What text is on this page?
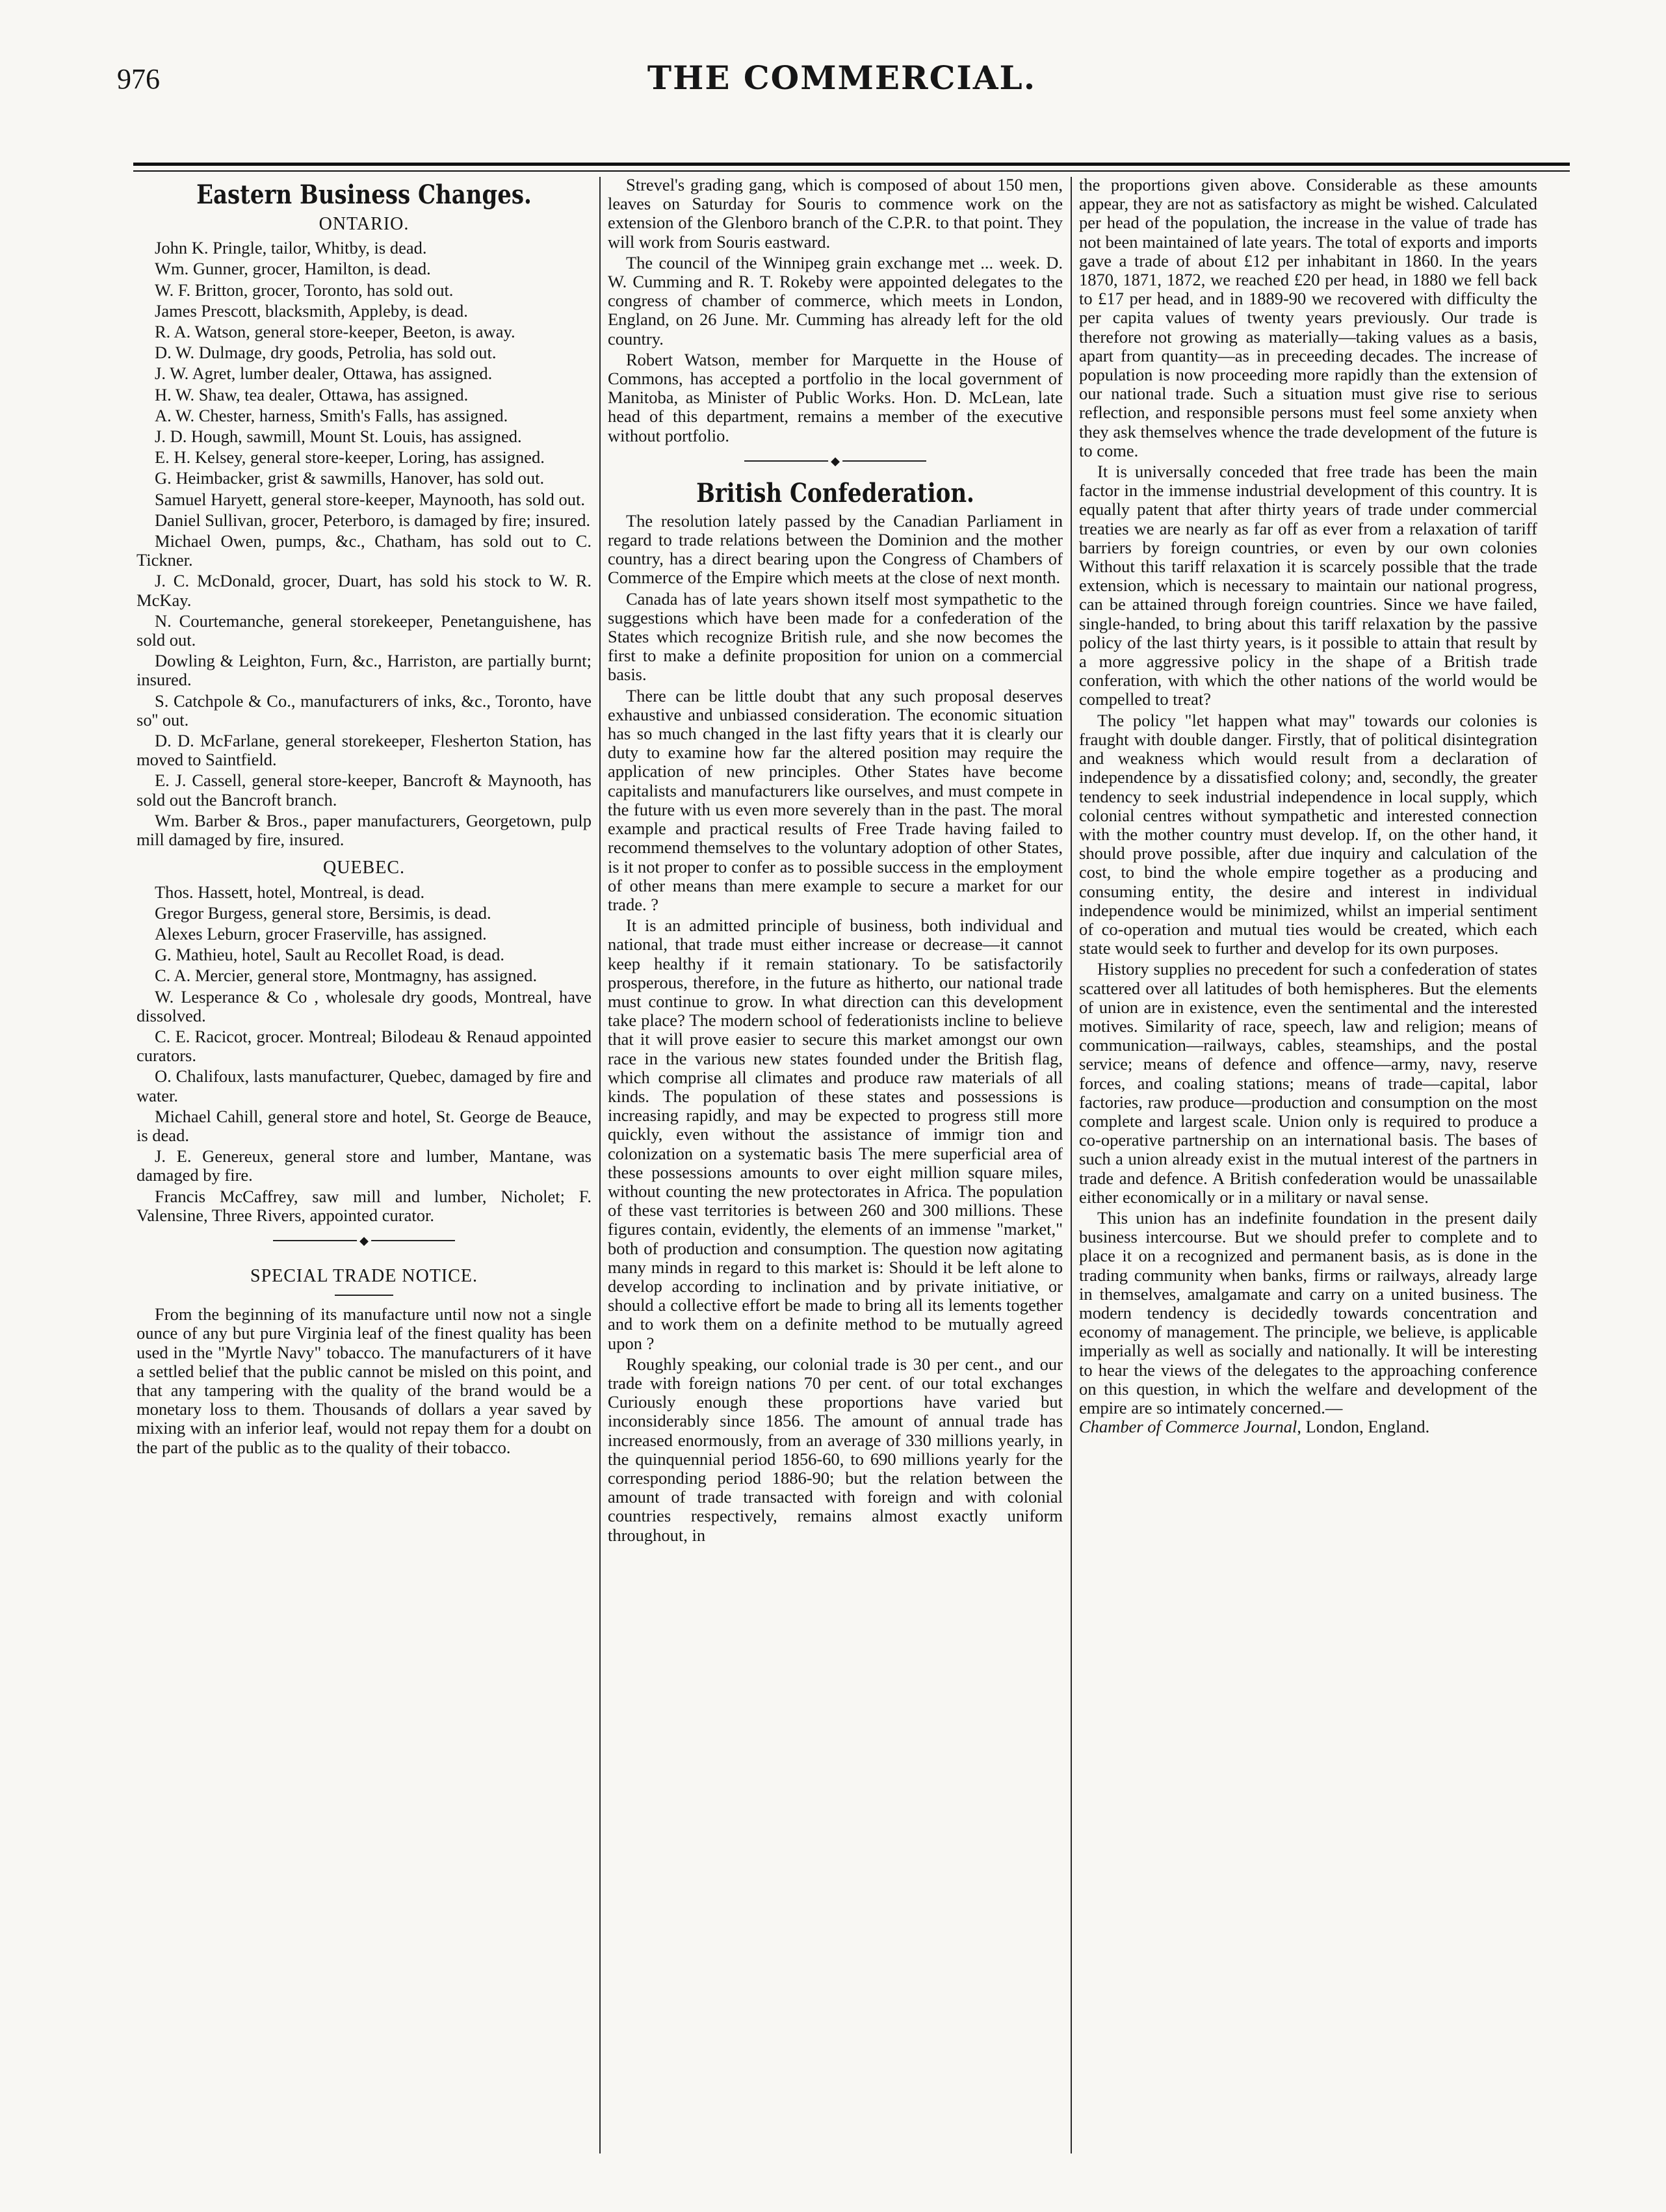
976	THE COMMERCIAL.
Eastern Business Changes.
ONTARIO.

John K. Pringle, tailor, Whitby, is dead.

Wm. Gunner, grocer, Hamilton, is dead.

W. F. Britton, grocer, Toronto, has sold out.

James Prescott, blacksmith, Appleby, is dead.

R. A. Watson, general store-keeper, Beeton, is away.

D. W. Dulmage, dry goods, Petrolia, has sold out.

J. W. Agret, lumber dealer, Ottawa, has assigned.

H. W. Shaw, tea dealer, Ottawa, has assigned.

A. W. Chester, harness, Smith's Falls, has assigned.

J. D. Hough, sawmill, Mount St. Louis, has assigned.

E. H. Kelsey, general store-keeper, Loring, has assigned.

G. Heimbacker, grist & sawmills, Hanover, has sold out.

Samuel Haryett, general store-keeper, Maynooth, has sold out.

Daniel Sullivan, grocer, Peterboro, is damaged by fire; insured.

Michael Owen, pumps, &c., Chatham, has sold out to C. Tickner.

J. C. McDonald, grocer, Duart, has sold his stock to W. R. McKay.

N. Courtemanche, general storekeeper, Penetanguishene, has sold out.

Dowling & Leighton, Furn, &c., Harriston, are partially burnt; insured.

S. Catchpole & Co., manufacturers of inks, &c., Toronto, have so'' out.

D. D. McFarlane, general storekeeper, Flesherton Station, has moved to Saintfield.

E. J. Cassell, general store-keeper, Bancroft & Maynooth, has sold out the Bancroft branch.

Wm. Barber & Bros., paper manufacturers, Georgetown, pulp mill damaged by fire, insured.

QUEBEC.

Thos. Hassett, hotel, Montreal, is dead.

Gregor Burgess, general store, Bersimis, is dead.

Alexes Leburn, grocer Fraserville, has assigned.

G. Mathieu, hotel, Sault au Recollet Road, is dead.

C. A. Mercier, general store, Montmagny, has assigned.

W. Lesperance & Co , wholesale dry goods, Montreal, have dissolved.

C. E. Racicot, grocer. Montreal; Bilodeau & Renaud appointed curators.

O. Chalifoux, lasts manufacturer, Quebec, damaged by fire and water.

Michael Cahill, general store and hotel, St. George de Beauce, is dead.

J. E. Genereux, general store and lumber, Mantane, was damaged by fire.

Francis McCaffrey, saw mill and lumber, Nicholet; F. Valensine, Three Rivers, appointed curator.

◆
SPECIAL TRADE NOTICE.

From the beginning of its manufacture until now not a single ounce of any but pure Virginia leaf of the finest quality has been used in the "Myrtle Navy" tobacco. The manufacturers of it have a settled belief that the public cannot be misled on this point, and that any tampering with the quality of the brand would be a monetary loss to them. Thousands of dollars a year saved by mixing with an inferior leaf, would not repay them for a doubt on the part of the public as to the quality of their tobacco.

Strevel's grading gang, which is composed of about 150 men, leaves on Saturday for Souris to commence work on the extension of the Glenboro branch of the C.P.R. to that point. They will work from Souris eastward.

The council of the Winnipeg grain exchange met ... week. D. W. Cumming and R. T. Rokeby were appointed delegates to the congress of chamber of commerce, which meets in London, England, on 26 June. Mr. Cumming has already left for the old country.

Robert Watson, member for Marquette in the House of Commons, has accepted a portfolio in the local government of Manitoba, as Minister of Public Works. Hon. D. McLean, late head of this department, remains a member of the executive without portfolio.

◆
British Confederation.

The resolution lately passed by the Canadian Parliament in regard to trade relations between the Dominion and the mother country, has a direct bearing upon the Congress of Chambers of Commerce of the Empire which meets at the close of next month.

Canada has of late years shown itself most sympathetic to the suggestions which have been made for a confederation of the States which recognize British rule, and she now becomes the first to make a definite proposition for union on a commercial basis.

There can be little doubt that any such proposal deserves exhaustive and unbiassed consideration. The economic situation has so much changed in the last fifty years that it is clearly our duty to examine how far the altered position may require the application of new principles. Other States have become capitalists and manufacturers like ourselves, and must compete in the future with us even more severely than in the past. The moral example and practical results of Free Trade having failed to recommend themselves to the voluntary adoption of other States, is it not proper to confer as to possible success in the employment of other means than mere example to secure a market for our trade. ?

It is an admitted principle of business, both individual and national, that trade must either increase or decrease—it cannot keep healthy if it remain stationary. To be satisfactorily prosperous, therefore, in the future as hitherto, our national trade must continue to grow. In what direction can this development take place? The modern school of federationists incline to believe that it will prove easier to secure this market amongst our own race in the various new states founded under the British flag, which comprise all climates and produce raw materials of all kinds. The population of these states and possessions is increasing rapidly, and may be expected to progress still more quickly, even without the assistance of immigr tion and colonization on a systematic basis The mere superficial area of these possessions amounts to over eight million square miles, without counting the new protectorates in Africa. The population of these vast territories is between 260 and 300 millions. These figures contain, evidently, the elements of an immense "market," both of production and consumption. The question now agitating many minds in regard to this market is: Should it be left alone to develop according to inclination and by private initiative, or should a collective effort be made to bring all its lements together and to work them on a definite method to be mutually agreed upon ?

Roughly speaking, our colonial trade is 30 per cent., and our trade with foreign nations 70 per cent. of our total exchanges Curiously enough these proportions have varied but inconsiderably since 1856. The amount of annual trade has increased enormously, from an average of 330 millions yearly, in the quinquennial period 1856-60, to 690 millions yearly for the corresponding period 1886-90; but the relation between the amount of trade transacted with foreign and with colonial countries respectively, remains almost exactly uniform throughout, in

the proportions given above. Considerable as these amounts appear, they are not as satisfactory as might be wished. Calculated per head of the population, the increase in the value of trade has not been maintained of late years. The total of exports and imports gave a trade of about £12 per inhabitant in 1860. In the years 1870, 1871, 1872, we reached £20 per head, in 1880 we fell back to £17 per head, and in 1889-90 we recovered with difficulty the per capita values of twenty years previously. Our trade is therefore not growing as materially—taking values as a basis, apart from quantity—as in preceeding decades. The increase of population is now proceeding more rapidly than the extension of our national trade. Such a situation must give rise to serious reflection, and responsible persons must feel some anxiety when they ask themselves whence the trade development of the future is to come.

It is universally conceded that free trade has been the main factor in the immense industrial development of this country. It is equally patent that after thirty years of trade under commercial treaties we are nearly as far off as ever from a relaxation of tariff barriers by foreign countries, or even by our own colonies Without this tariff relaxation it is scarcely possible that the trade extension, which is necessary to maintain our national progress, can be attained through foreign countries. Since we have failed, single-handed, to bring about this tariff relaxation by the passive policy of the last thirty years, is it possible to attain that result by a more aggressive policy in the shape of a British trade conferation, with which the other nations of the world would be compelled to treat?

The policy "let happen what may" towards our colonies is fraught with double danger. Firstly, that of political disintegration and weakness which would result from a declaration of independence by a dissatisfied colony; and, secondly, the greater tendency to seek industrial independence in local supply, which colonial centres without sympathetic and interested connection with the mother country must develop. If, on the other hand, it should prove possible, after due inquiry and calculation of the cost, to bind the whole empire together as a producing and consuming entity, the desire and interest in individual independence would be minimized, whilst an imperial sentiment of co-operation and mutual ties would be created, which each state would seek to further and develop for its own purposes.

History supplies no precedent for such a confederation of states scattered over all latitudes of both hemispheres. But the elements of union are in existence, even the sentimental and the interested motives. Similarity of race, speech, law and religion; means of communication—railways, cables, steamships, and the postal service; means of defence and offence—army, navy, reserve forces, and coaling stations; means of trade—capital, labor factories, raw produce—production and consumption on the most complete and largest scale. Union only is required to produce a co-operative partnership on an international basis. The bases of such a union already exist in the mutual interest of the partners in trade and defence. A British confederation would be unassailable either economically or in a military or naval sense.

This union has an indefinite foundation in the present daily business intercourse. But we should prefer to complete and to place it on a recognized and permanent basis, as is done in the trading community when banks, firms or railways, already large in themselves, amalgamate and carry on a united business. The modern tendency is decidedly towards concentration and economy of management. The principle, we believe, is applicable imperially as well as socially and nationally. It will be interesting to hear the views of the delegates to the approaching conference on this question, in which the welfare and development of the empire are so intimately concerned.—

Chamber of Commerce Journal, London, England.
